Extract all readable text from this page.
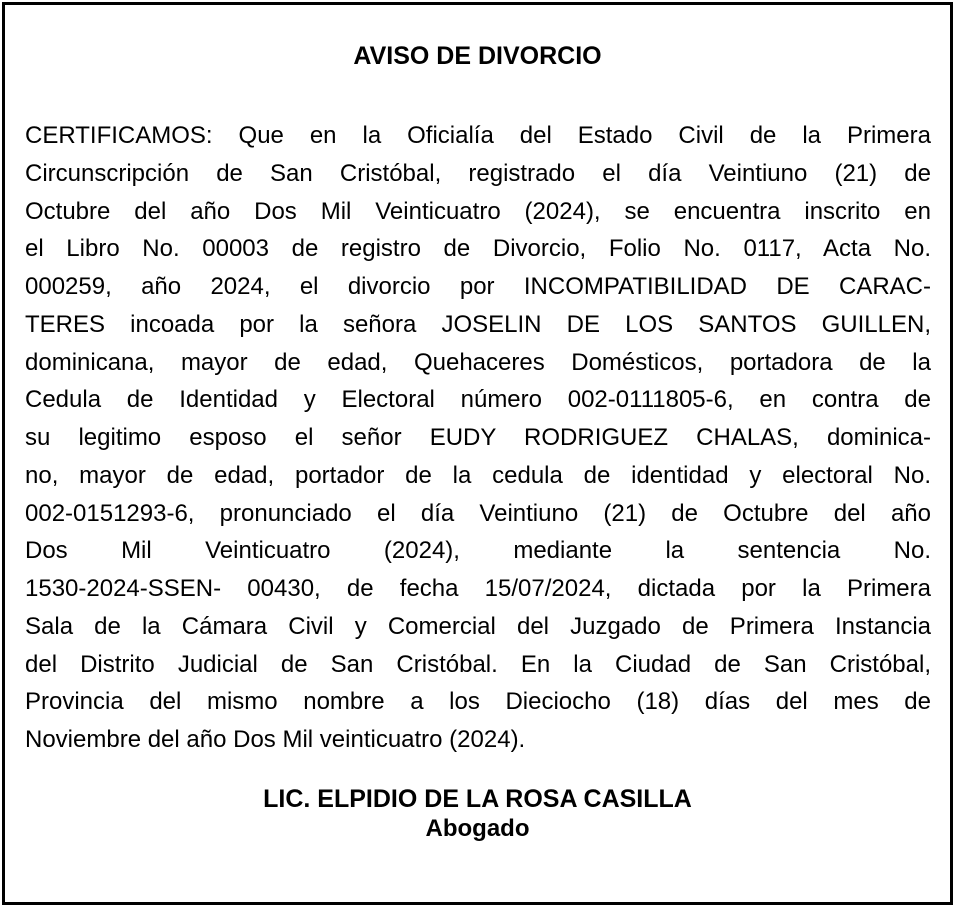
AVISO DE DIVORCIO
CERTIFICAMOS: Que en la Oficialía del Estado Civil de la Primera
Circunscripción de San Cristóbal, registrado el día Veintiuno (21) de
Octubre del año Dos Mil Veinticuatro (2024), se encuentra inscrito en
el Libro No. 00003 de registro de Divorcio, Folio No. 0117, Acta No.
000259, año 2024, el divorcio por INCOMPATIBILIDAD DE CARAC-
TERES incoada por la señora JOSELIN DE LOS SANTOS GUILLEN,
dominicana, mayor de edad, Quehaceres Domésticos, portadora de la
Cedula de Identidad y Electoral número 002-0111805-6, en contra de
su legitimo esposo el señor EUDY RODRIGUEZ CHALAS, dominica-
no, mayor de edad, portador de la cedula de identidad y electoral No.
002-0151293-6, pronunciado el día Veintiuno (21) de Octubre del año
Dos Mil Veinticuatro (2024), mediante la sentencia No.
1530-2024-SSEN- 00430, de fecha 15/07/2024, dictada por la Primera
Sala de la Cámara Civil y Comercial del Juzgado de Primera Instancia
del Distrito Judicial de San Cristóbal. En la Ciudad de San Cristóbal,
Provincia del mismo nombre a los Dieciocho (18) días del mes de
Noviembre del año Dos Mil veinticuatro (2024).
LIC. ELPIDIO DE LA ROSA CASILLA
Abogado
